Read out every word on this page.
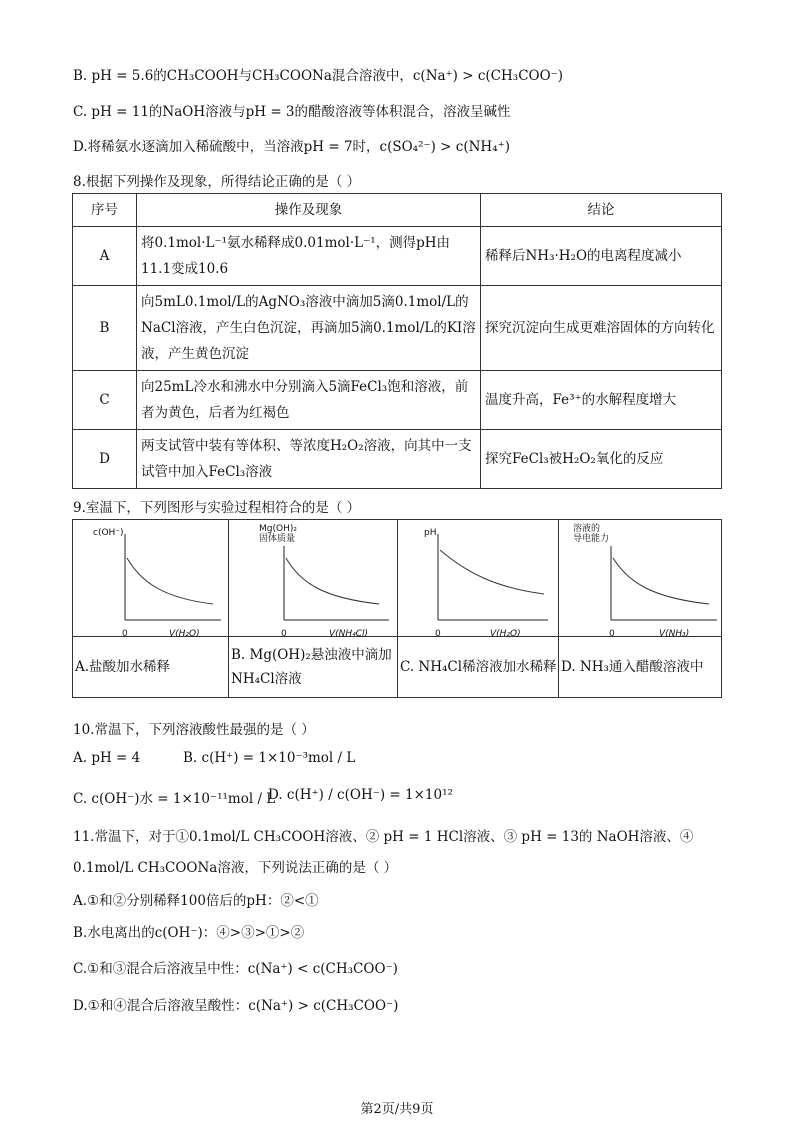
B. pH = 5.6的CH₃COOH与CH₃COONa混合溶液中，c(Na⁺) > c(CH₃COO⁻)
C. pH = 11的NaOH溶液与pH = 3的醋酸溶液等体积混合，溶液呈碱性
D.将稀氨水逐滴加入稀硫酸中，当溶液pH = 7时，c(SO₄²⁻) > c(NH₄⁺)
8.根据下列操作及现象，所得结论正确的是（ ）
序号	操作及现象	结论
A	将0.1mol·L⁻¹氨水稀释成0.01mol·L⁻¹，测得pH由11.1变成10.6	稀释后NH₃·H₂O的电离程度减小
B	向5mL0.1mol/L的AgNO₃溶液中滴加5滴0.1mol/L的NaCl溶液，产生白色沉淀，再滴加5滴0.1mol/L的KI溶液，产生黄色沉淀	探究沉淀向生成更难溶固体的方向转化
C	向25mL冷水和沸水中分别滴入5滴FeCl₃饱和溶液，前者为黄色，后者为红褐色	温度升高，Fe³⁺的水解程度增大
D	两支试管中装有等体积、等浓度H₂O₂溶液，向其中一支试管中加入FeCl₃溶液	探究FeCl₃被H₂O₂氧化的反应
9.室温下，下列图形与实验过程相符合的是（ ）
c(OH⁻)
0 V(H₂O)	Mg(OH)₂
固体质量
0 V(NH₄Cl)	pH
0 V(H₂O)	溶液的
导电能力
0 V(NH₃)

A.盐酸加水稀释	B. Mg(OH)₂悬浊液中滴加NH₄Cl溶液	C. NH₄Cl稀溶液加水稀释	D. NH₃通入醋酸溶液中
10.常温下，下列溶液酸性最强的是（ ）
A. pH = 4	B. c(H⁺) = 1×10⁻³mol / L
C. c(OH⁻)水 = 1×10⁻¹¹mol / L
D. c(H⁺) / c(OH⁻) = 1×10¹²
11.常温下，对于①0.1mol/L CH₃COOH溶液、② pH = 1 HCl溶液、③ pH = 13的 NaOH溶液、④
0.1mol/L CH₃COONa溶液，下列说法正确的是（ ）
A.①和②分别稀释100倍后的pH：②<①
B.水电离出的c(OH⁻)：④>③>①>②
C.①和③混合后溶液呈中性：c(Na⁺) < c(CH₃COO⁻)
D.①和④混合后溶液呈酸性：c(Na⁺) > c(CH₃COO⁻)
第2页/共9页
